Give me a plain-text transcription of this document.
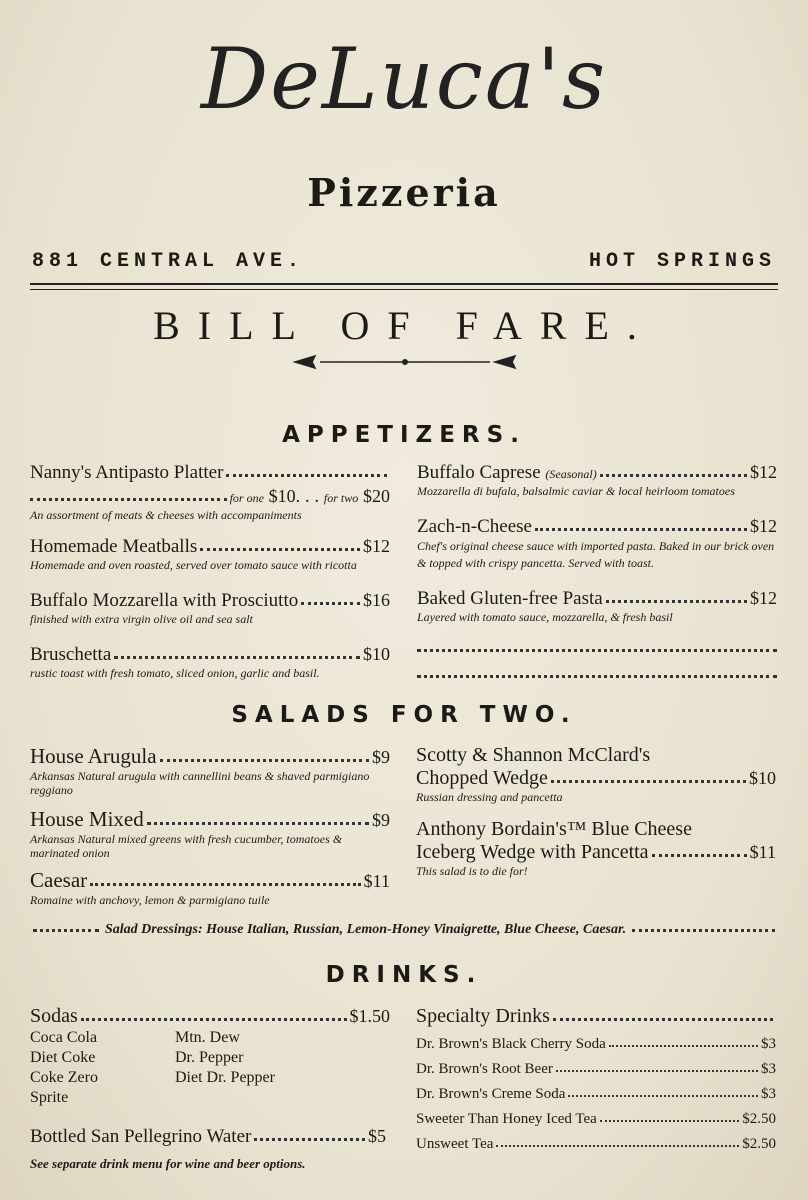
DeLuca's
Pizzeria
881 CENTRAL AVE.	HOT SPRINGS
BILL OF FARE.
APPETIZERS.
Nanny's Antipasto Platter
for one
$10. . . for two
$20
An assortment of meats & cheeses with accompaniments
Homemade Meatballs	$12
Homemade and oven roasted, served over tomato sauce with ricotta
Buffalo Mozzarella with Prosciutto	$16
finished with extra virgin olive oil and sea salt
Bruschetta	$10
rustic toast with fresh tomato, sliced onion, garlic and basil.
Buffalo Caprese
(Seasonal)	$12
Mozzarella di bufala, balsalmic caviar & local heirloom tomatoes
Zach-n-Cheese	$12
Chef's original cheese sauce with imported pasta. Baked in our brick oven & topped with crispy pancetta. Served with toast.
Baked Gluten-free Pasta	$12
Layered with tomato sauce, mozzarella, & fresh basil
SALADS FOR TWO.
House Arugula	$9
Arkansas Natural arugula with cannellini beans & shaved parmigiano reggiano
House Mixed	$9
Arkansas Natural mixed greens with fresh cucumber, tomatoes & marinated onion
Caesar	$11
Romaine with anchovy, lemon & parmigiano tuile
Scotty & Shannon McClard's
Chopped Wedge	$10
Russian dressing and pancetta
Anthony Bordain's™ Blue Cheese
Iceberg Wedge with Pancetta	$11
This salad is to die for!
Salad Dressings: House Italian, Russian, Lemon-Honey Vinaigrette, Blue Cheese, Caesar.
DRINKS.
Sodas	$1.50
Coca Cola	Mtn. Dew
Diet Coke	Dr. Pepper
Coke Zero	Diet Dr. Pepper
Sprite
Bottled San Pellegrino Water	$5
See separate drink menu for wine and beer options.
Specialty Drinks
Dr. Brown's Black Cherry Soda	$3
Dr. Brown's Root Beer	$3
Dr. Brown's Creme Soda	$3
Sweeter Than Honey Iced Tea	$2.50
Unsweet Tea	$2.50
